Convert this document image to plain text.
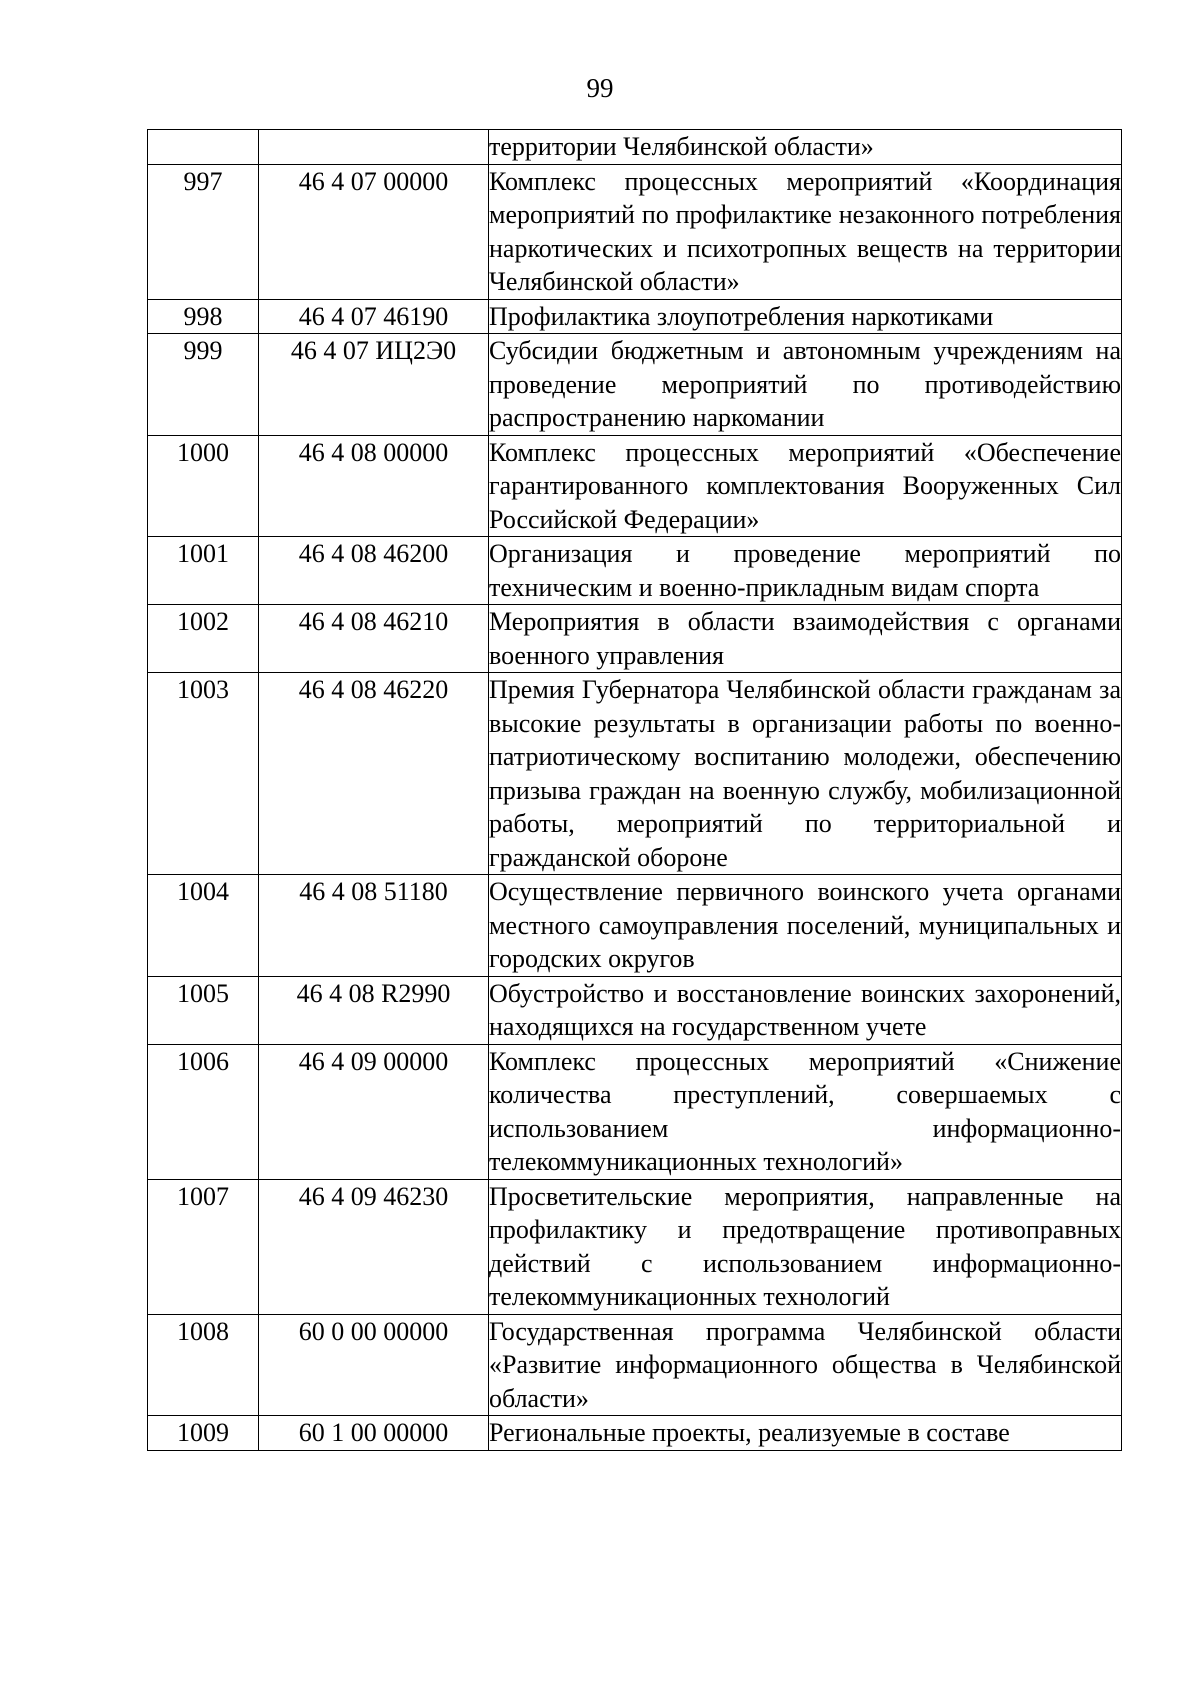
99
		территории Челябинской области»
997	46 4 07 00000	Комплекс процессных мероприятий «Координация мероприятий по профилактике незаконного потребления наркотических и психотропных веществ на территории Челябинской области»
998	46 4 07 46190	Профилактика злоупотребления наркотиками
999	46 4 07 ИЦ2Э0	Субсидии бюджетным и автономным учреждениям на проведение мероприятий по противодействию распространению наркомании
1000	46 4 08 00000	Комплекс процессных мероприятий «Обеспечение гарантированного комплектования Вооруженных Сил Российской Федерации»
1001	46 4 08 46200	Организация и проведение мероприятий по техническим и военно-прикладным видам спорта
1002	46 4 08 46210	Мероприятия в области взаимодействия с органами военного управления
1003	46 4 08 46220	Премия Губернатора Челябинской области гражданам за высокие результаты в организации работы по военно-патриотическому воспитанию молодежи, обеспечению призыва граждан на военную службу, мобилизационной работы, мероприятий по территориальной и гражданской обороне
1004	46 4 08 51180	Осуществление первичного воинского учета органами местного самоуправления поселений, муниципальных и городских округов
1005	46 4 08 R2990	Обустройство и восстановление воинских захоронений, находящихся на государственном учете
1006	46 4 09 00000	Комплекс процессных мероприятий «Снижение количества преступлений, совершаемых с использованием информационно-телекоммуникационных технологий»
1007	46 4 09 46230	Просветительские мероприятия, направленные на профилактику и предотвращение противоправных действий с использованием информационно-телекоммуникационных технологий
1008	60 0 00 00000	Государственная программа Челябинской области «Развитие информационного общества в Челябинской области»
1009	60 1 00 00000	Региональные проекты, реализуемые в составе
